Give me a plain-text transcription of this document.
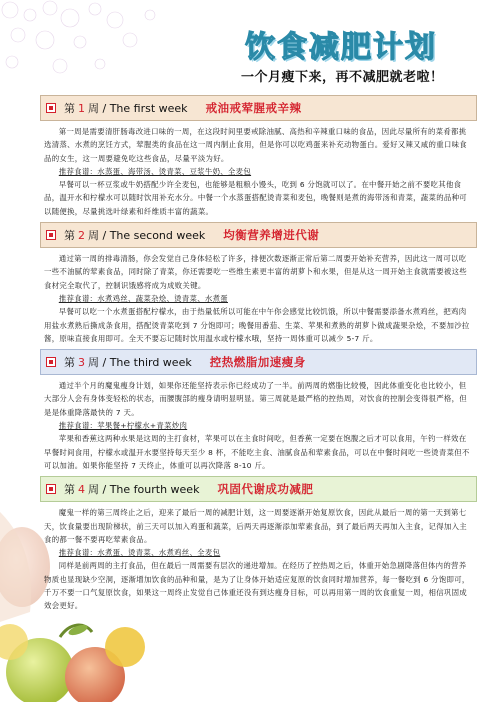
饮食减肥计划
一个月瘦下来，再不减肥就老啦！
第 1 周 / The first week 戒油戒荤腥戒辛辣

第一周是需要清肝肠毒改进口味的一周，在这段时间里要戒除油腻、高热和辛辣重口味的食品，因此尽量所有的菜肴都挑选清蒸、水煮的烹饪方式，荤腥类的食品在这一周内制止食用，但是你可以吃鸡蛋来补充动物蛋白。爱好又辣又咸的重口味食品的女生，这一周要避免吃这些食品，尽量平淡为好。

推荐食谱：水蒸蛋、海带汤、烫青菜、豆浆牛奶、全麦包

早餐可以一杯豆浆或牛奶搭配少许全麦包，也能够是粗粮小馒头，吃到 6 分饱就可以了。在中餐开始之前不要吃其他食品，温开水和柠檬水可以随时饮用补充水分。中餐一个水蒸蛋搭配烫青菜和麦包，晚餐则是煮的海带汤和青菜，蔬菜的品种可以随便换，尽量挑选叶绿素和纤维质丰富的蔬菜。

第 2 周 / The second week 均衡营养增进代谢

通过第一周的排毒清肠，你会发觉自己身体轻松了许多，排便次数逐渐正常后第二周要开始补充营养，因此这一周可以吃一些不油腻的荤素食品，同时除了青菜，你还需要吃一些维生素更丰富的胡萝卜和水果，但是从这一周开始主食就需要被这些食材完全取代了，控制识饿感将成为成败关键。

推荐食谱：水煮鸡丝、蔬菜杂烩、烫青菜、水煮蛋

早餐可以吃一个水煮蛋搭配柠檬水，由于热量低所以可能在中午你会感觉比较饥饿，所以中餐需要添备水煮鸡丝，把鸡肉用盐水煮熟后撕成条食用，搭配烫青菜吃到 7 分饱即可；晚餐用番茄、生菜、苹果和煮熟的胡萝卜做成蔬果杂烩，不要加沙拉酱，原味直接食用即可。全天不要忘记随时饮用温水或柠檬水哦，坚持一周体重可以减少 5-7 斤。

第 3 周 / The third week 控热燃脂加速瘦身

通过半个月的魔鬼瘦身计划，如果你还能坚持表示你已经成功了一半。前两周的燃脂比较慢，因此体重变化也比较小，但大部分人会有身体变轻松的状态，而腰腹部的瘦身请明显明显。第三周就是最严格的控热周，对饮食的控制会变得很严格，但是是体重降落最快的 7 天。

推荐食谱：苹果餐+柠檬水+青菜炒肉

苹果和香蕉这两种水果是这周的主打食材，苹果可以在主食时间吃，但香蕉一定要在饱腹之后才可以食用，午钓一样效在早餐时间食用，柠檬水或温开水要坚持每天至少 8 杯，不能吃主食、油腻食品和荤素食品，可以在中餐时间吃一些烫青菜但不可以加油。如果你能坚持 7 天终止，体重可以再次降落 8-10 斤。

第 4 周 / The fourth week 巩固代谢成功减肥

魔鬼一样的第三周终止之后，迎来了最后一周的减肥计划，这一周要逐渐开始复原饮食，因此从最后一周的第一天到第七天，饮食量要出现阶梯状，前三天可以加入鸡蛋和蔬菜，后两天再逐渐添加荤素食品，到了最后两天再加入主食，记得加入主食的都一餐不要再吃荤素食品。

推荐食谱：水煮蛋、烫青菜、水煮鸡丝、全麦包

同样是前两周的主打食品，但在最后一周需要有层次的递进增加。在经历了控热周之后，体重开始急剧降落但体内的营养物质也显现缺少空洞，逐渐增加饮食的品种和量，是为了让身体开始适应复原的饮食同时增加营养，每一餐吃到 6 分饱即可，千万不要一口气复原饮食，如果这一周终止发觉自己体重还没有到达瘦身目标，可以再用第一周的饮食重复一周，相信巩固成效会更好。
